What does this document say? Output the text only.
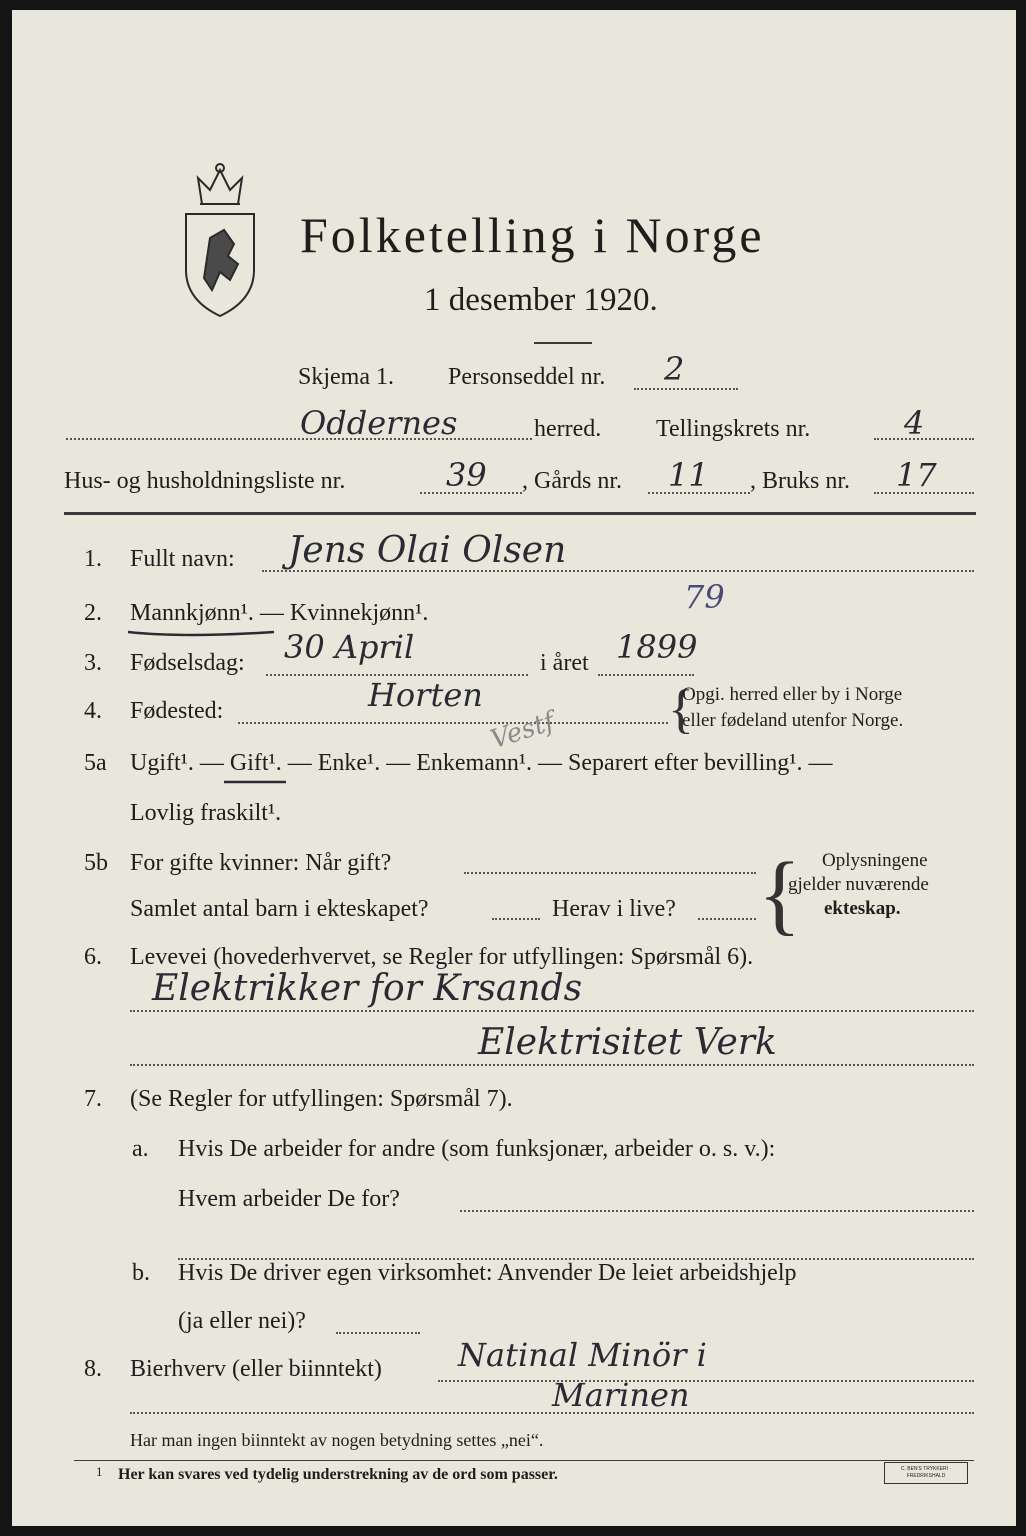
Folketelling i Norge
1 desember 1920.
Skjema 1. Personseddel nr. 2
Oddernes	herred. Tellingskrets nr.	4
Hus- og husholdningsliste nr.	39 , Gårds nr. 11 , Bruks nr. 17
1. Fullt navn: Jens Olai Olsen
2. Mannkjønn¹. — Kvinnekjønn¹.	79
3. Fødselsdag: 30 April	i året 1899
4. Fødested:	Horten
Vestf {
Opgi. herred eller by i Norge
eller fødeland utenfor Norge.
5a Ugift¹. — Gift¹. — Enke¹. — Enkemann¹. — Separert efter bevilling¹. —
Lovlig fraskilt¹.
5b For gifte kvinner: Når gift?
Samlet antal barn i ekteskapet?	Herav i live? { Oplysningene
gjelder nuværende
ekteskap.
6. Levevei (hovederhvervet, se Regler for utfyllingen: Spørsmål 6).
Elektrikker for Krsands
Elektrisitet Verk
7. (Se Regler for utfyllingen: Spørsmål 7).
a. Hvis De arbeider for andre (som funksjonær, arbeider o. s. v.):
Hvem arbeider De for?
b. Hvis De driver egen virksomhet: Anvender De leiet arbeidshjelp
(ja eller nei)?
8. Bierhverv (eller biinntekt) Natinal Minör i
Marinen
Har man ingen biinntekt av nogen betydning settes „nei“.
1 Her kan svares ved tydelig understrekning av de ord som passer.	C. BEN'S TRYKKERI · FREDRIKSHALD
